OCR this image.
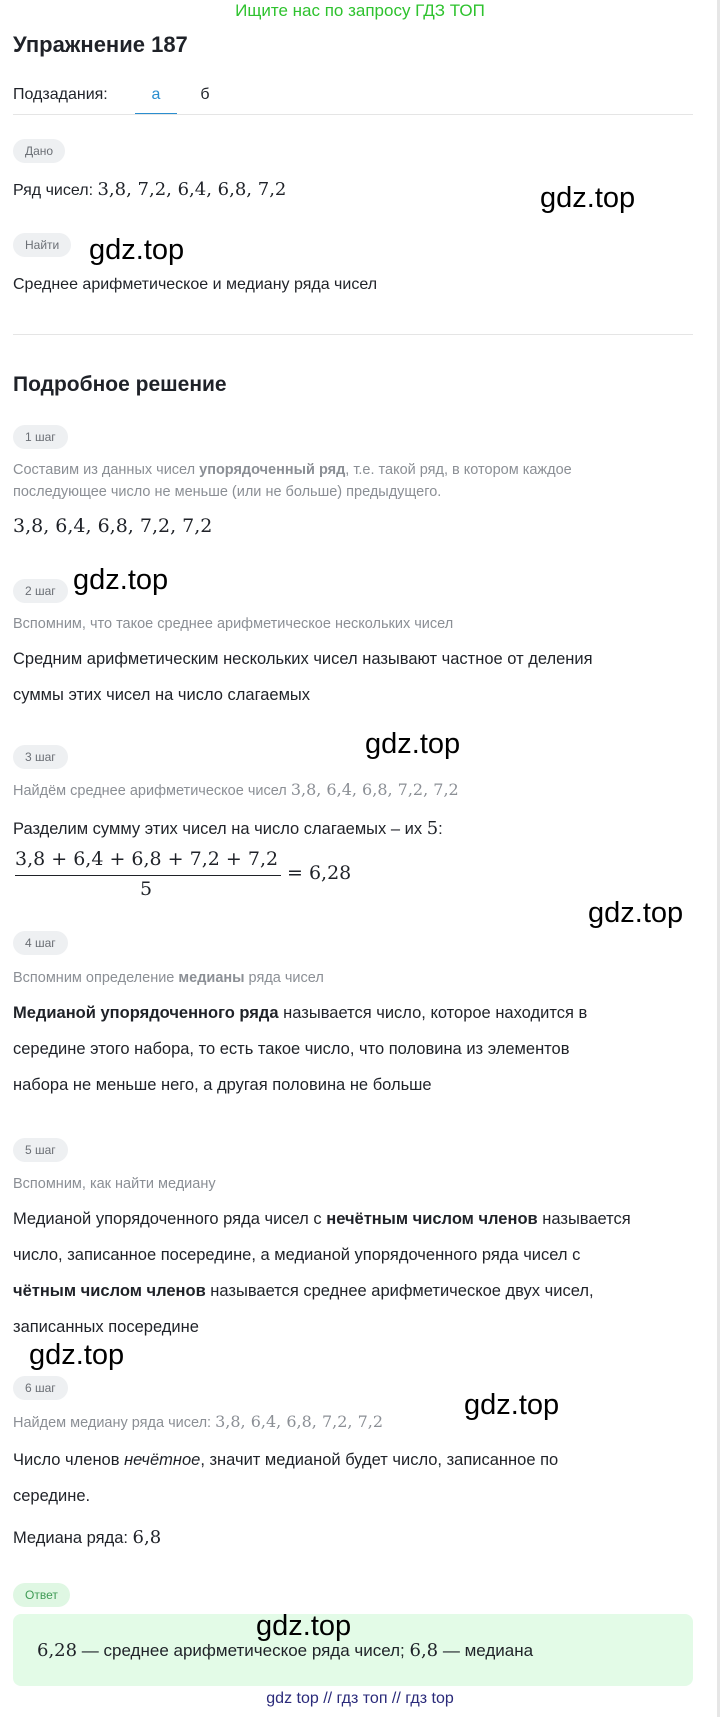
Ищите нас по запросу ГДЗ ТОП
Упражнение 187
Подзадания:	а	б
Дано
Ряд чисел: 3,8, 7,2, 6,4, 6,8, 7,2
Найти
Среднее арифметическое и медиану ряда чисел
Подробное решение
1 шаг
Составим из данных чисел упорядоченный ряд, т.е. такой ряд, в котором каждое
последующее число не меньше (или не больше) предыдущего.
3,8, 6,4, 6,8, 7,2, 7,2
2 шаг
Вспомним, что такое среднее арифметическое нескольких чисел
Средним арифметическим нескольких чисел называют частное от деления
суммы этих чисел на число слагаемых
3 шаг
Найдём среднее арифметическое чисел 3,8, 6,4, 6,8, 7,2, 7,2
Разделим сумму этих чисел на число слагаемых – их 5:
3,8 + 6,4 + 6,8 + 7,2 + 7,2
5
= 6,28
4 шаг
Вспомним определение медианы ряда чисел
Медианой упорядоченного ряда называется число, которое находится в
середине этого набора, то есть такое число, что половина из элементов
набора не меньше него, а другая половина не больше
5 шаг
Вспомним, как найти медиану
Медианой упорядоченного ряда чисел с нечётным числом членов называется
число, записанное посередине, а медианой упорядоченного ряда чисел с
чётным числом членов называется среднее арифметическое двух чисел,
записанных посередине
6 шаг
Найдем медиану ряда чисел: 3,8, 6,4, 6,8, 7,2, 7,2
Число членов нечётное, значит медианой будет число, записанное по
середине.
Медиана ряда: 6,8
Ответ
6,28 — среднее арифметическое ряда чисел; 6,8 — медиана
gdz top // гдз топ // гдз top
gdz.top
gdz.top
gdz.top
gdz.top
gdz.top
gdz.top
gdz.top
gdz.top
